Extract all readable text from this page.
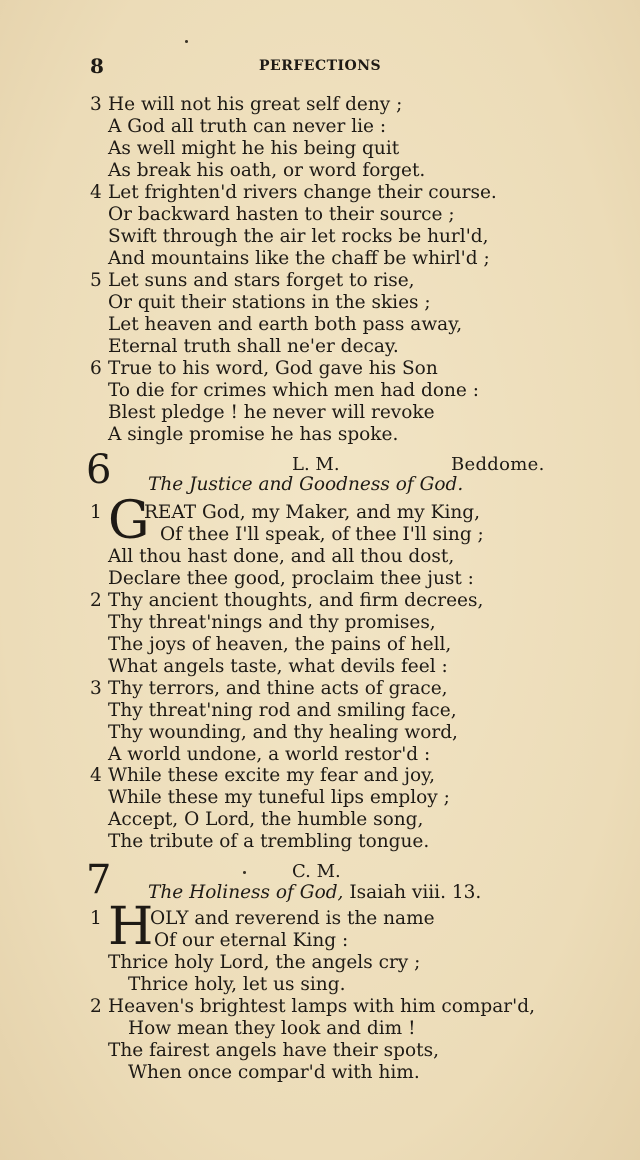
8	PERFECTIONS
3 He will not his great self deny ;
A God all truth can never lie :
As well might he his being quit
As break his oath, or word forget.
4 Let frighten'd rivers change their course.
Or backward hasten to their source ;
Swift through the air let rocks be hurl'd,
And mountains like the chaff be whirl'd ;
5 Let suns and stars forget to rise,
Or quit their stations in the skies ;
Let heaven and earth both pass away,
Eternal truth shall ne'er decay.
6 True to his word, God gave his Son
To die for crimes which men had done :
Blest pledge ! he never will revoke
A single promise he has spoke.
6	L. M.	Beddome.
The Justice and Goodness of God.
1 G
REAT God, my Maker, and my King,
Of thee I'll speak, of thee I'll sing ;
All thou hast done, and all thou dost,
Declare thee good, proclaim thee just :
2 Thy ancient thoughts, and firm decrees,
Thy threat'nings and thy promises,
The joys of heaven, the pains of hell,
What angels taste, what devils feel :
3 Thy terrors, and thine acts of grace,
Thy threat'ning rod and smiling face,
Thy wounding, and thy healing word,
A world undone, a world restor'd :
4 While these excite my fear and joy,
While these my tuneful lips employ ;
Accept, O Lord, the humble song,
The tribute of a trembling tongue.
7	C. M.
The Holiness of God, Isaiah viii. 13.
1 H
OLY and reverend is the name
Of our eternal King :
Thrice holy Lord, the angels cry ;
Thrice holy, let us sing.
2 Heaven's brightest lamps with him compar'd,
How mean they look and dim !
The fairest angels have their spots,
When once compar'd with him.
